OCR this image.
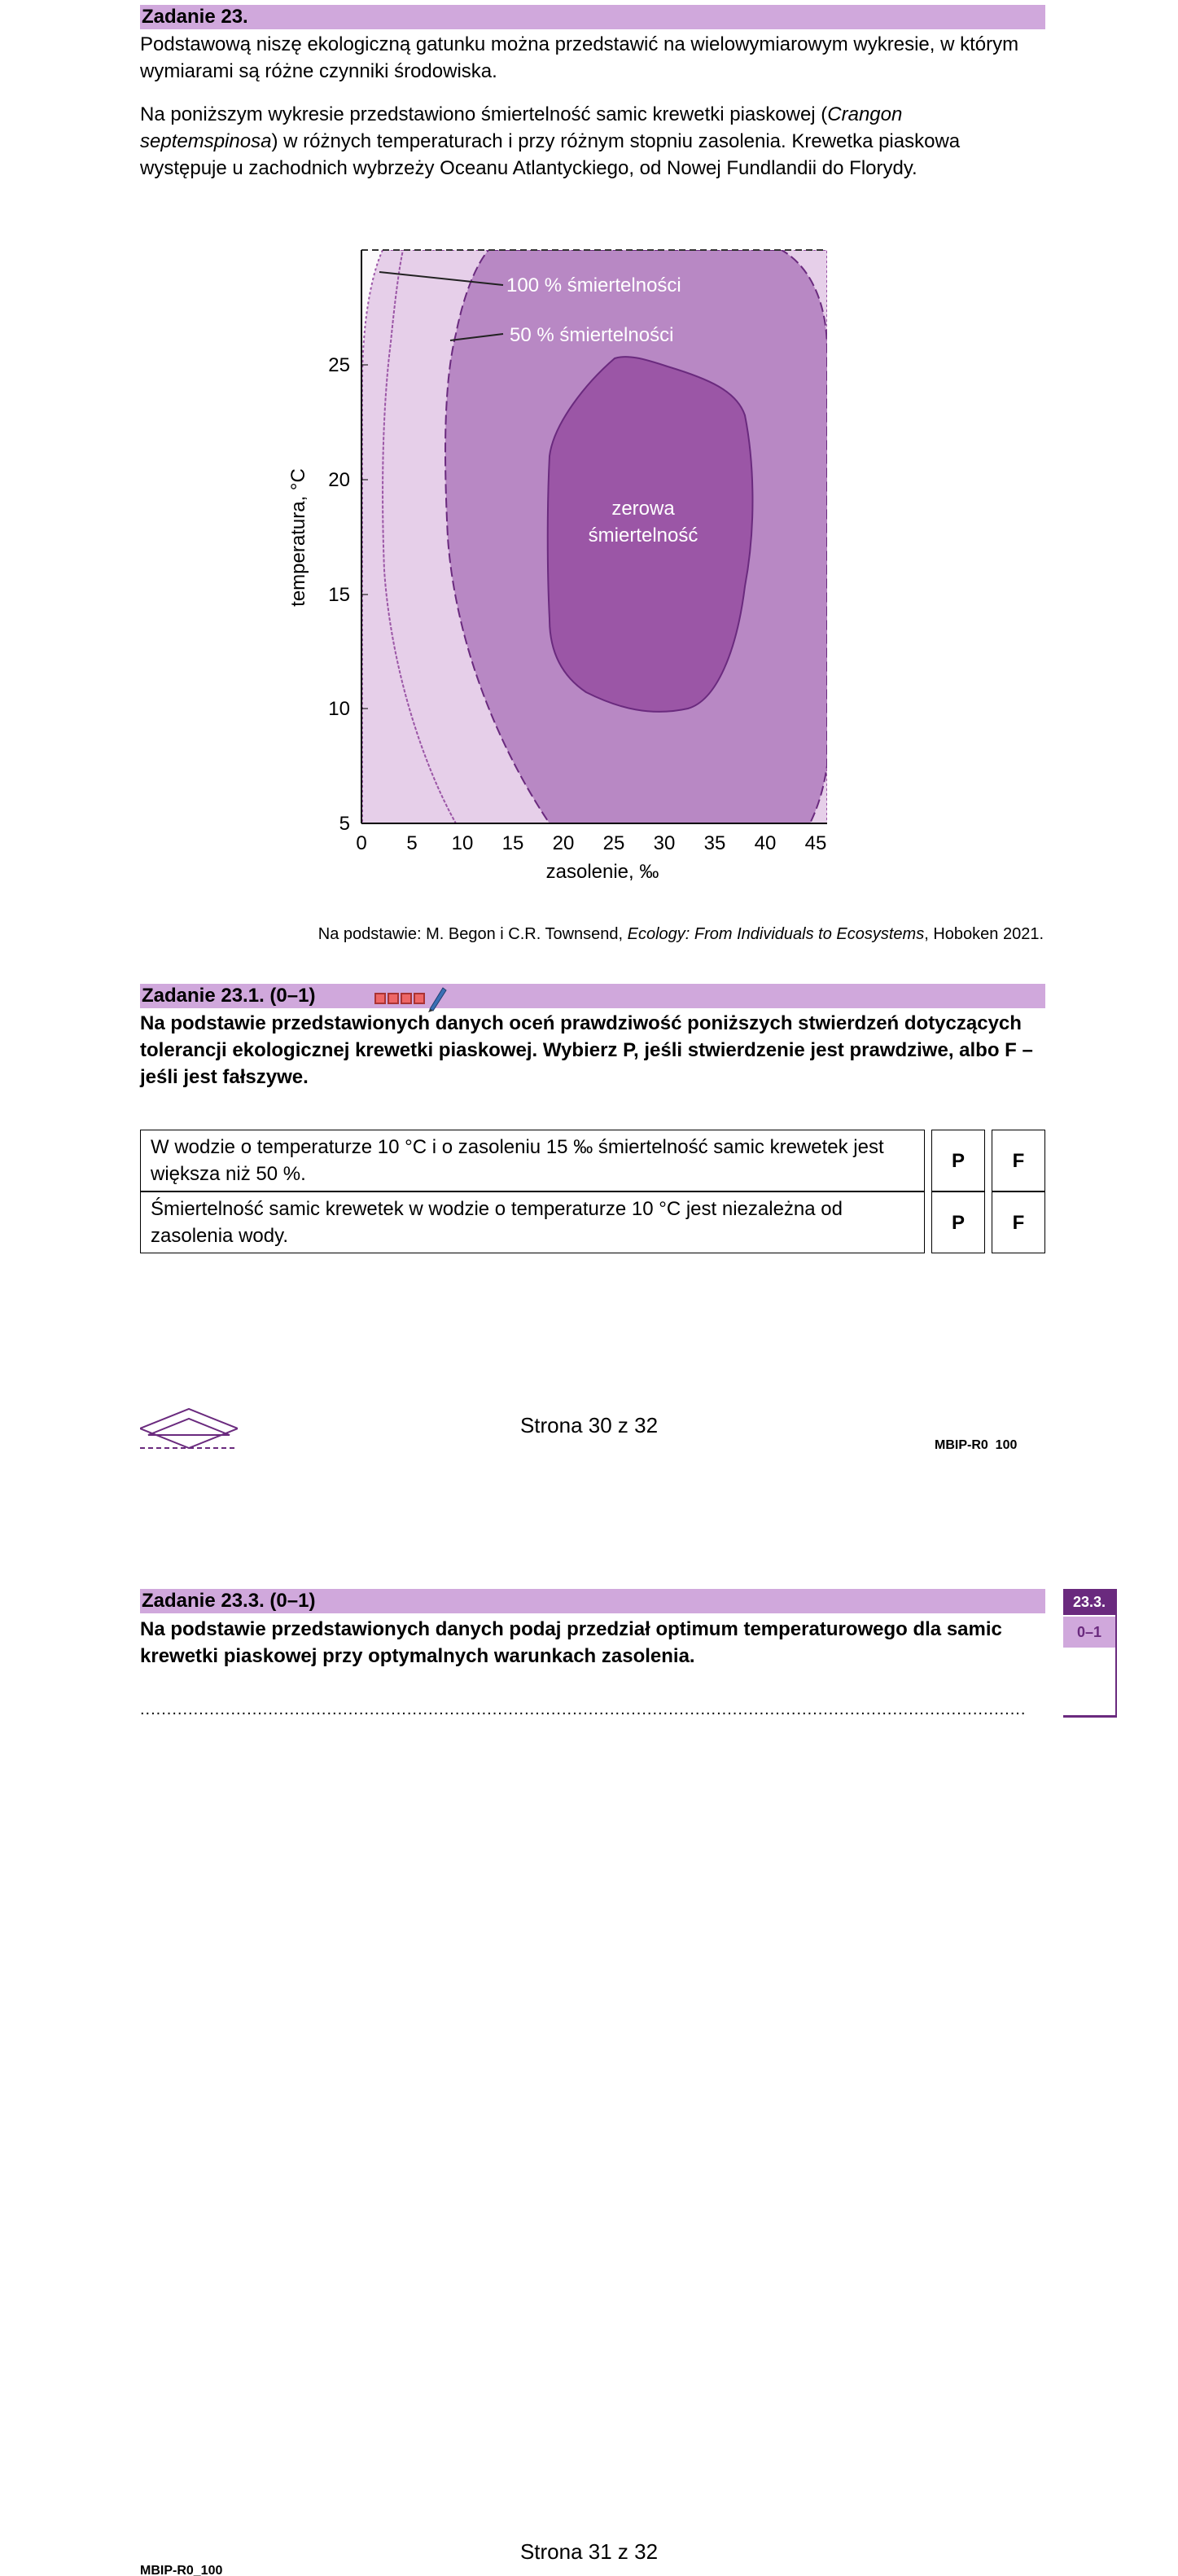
Zadanie 23.
Podstawową niszę ekologiczną gatunku można przedstawić na wielowymiarowym wykresie, w którym wymiarami są różne czynniki środowiska.
Na poniższym wykresie przedstawiono śmiertelność samic krewetki piaskowej (Crangon septemspinosa) w różnych temperaturach i przy różnym stopniu zasolenia. Krewetka piaskowa występuje u zachodnich wybrzeży Oceanu Atlantyckiego, od Nowej Fundlandii do Florydy.
5
10
15
20
25
0 5 10 15 20 25 30 35 40 45
zasolenie, ‰
temperatura, °C
100 % śmiertelności
50 % śmiertelności
zerowa
śmiertelność
Na podstawie: M. Begon i C.R. Townsend, Ecology: From Individuals to Ecosystems, Hoboken 2021.
Zadanie 23.1. (0–1)
Na podstawie przedstawionych danych oceń prawdziwość poniższych stwierdzeń dotyczących tolerancji ekologicznej krewetki piaskowej. Wybierz P, jeśli stwierdzenie jest prawdziwe, albo F – jeśli jest fałszywe.
W wodzie o temperaturze 10 °C i o zasoleniu 15 ‰ śmiertelność samic krewetek jest większa niż 50 %.		P		F
Śmiertelność samic krewetek w wodzie o temperaturze 10 °C jest niezależna od zasolenia wody.		P		F
Strona 30 z 32
MBIP-R0_100
Zadanie 23.3. (0–1)
Na podstawie przedstawionych danych podaj przedział optimum temperaturowego dla samic krewetki piaskowej przy optymalnych warunkach zasolenia.
......................................................................................................................................................................
23.3.
0–1
Strona 31 z 32
MBIP-R0_100
